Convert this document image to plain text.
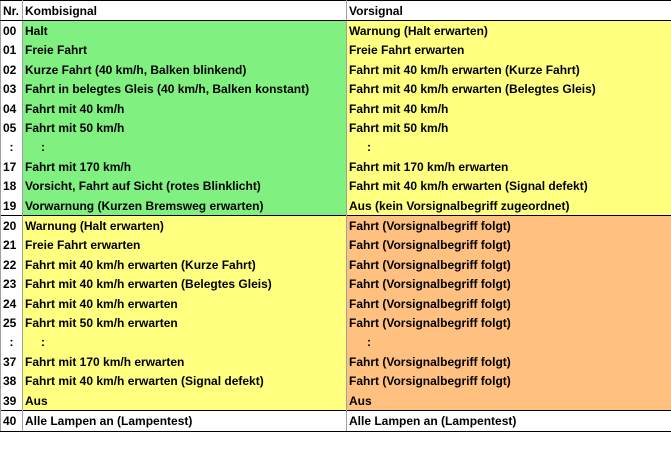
Nr.	Kombisignal	Vorsignal
00	Halt	Warnung (Halt erwarten)
01	Freie Fahrt	Freie Fahrt erwarten
02	Kurze Fahrt (40 km/h, Balken blinkend)	Fahrt mit 40 km/h erwarten (Kurze Fahrt)
03	Fahrt in belegtes Gleis (40 km/h, Balken konstant)	Fahrt mit 40 km/h erwarten (Belegtes Gleis)
04	Fahrt mit 40 km/h	Fahrt mit 40 km/h
05	Fahrt mit 50 km/h	Fahrt mit 50 km/h
:	:	:
17	Fahrt mit 170 km/h	Fahrt mit 170 km/h erwarten
18	Vorsicht, Fahrt auf Sicht (rotes Blinklicht)	Fahrt mit 40 km/h erwarten (Signal defekt)
19	Vorwarnung (Kurzen Bremsweg erwarten)	Aus (kein Vorsignalbegriff zugeordnet)
20	Warnung (Halt erwarten)	Fahrt (Vorsignalbegriff folgt)
21	Freie Fahrt erwarten	Fahrt (Vorsignalbegriff folgt)
22	Fahrt mit 40 km/h erwarten (Kurze Fahrt)	Fahrt (Vorsignalbegriff folgt)
23	Fahrt mit 40 km/h erwarten (Belegtes Gleis)	Fahrt (Vorsignalbegriff folgt)
24	Fahrt mit 40 km/h erwarten	Fahrt (Vorsignalbegriff folgt)
25	Fahrt mit 50 km/h erwarten	Fahrt (Vorsignalbegriff folgt)
:	:	:
37	Fahrt mit 170 km/h erwarten	Fahrt (Vorsignalbegriff folgt)
38	Fahrt mit 40 km/h erwarten (Signal defekt)	Fahrt (Vorsignalbegriff folgt)
39	Aus	Aus
40	Alle Lampen an (Lampentest)	Alle Lampen an (Lampentest)
